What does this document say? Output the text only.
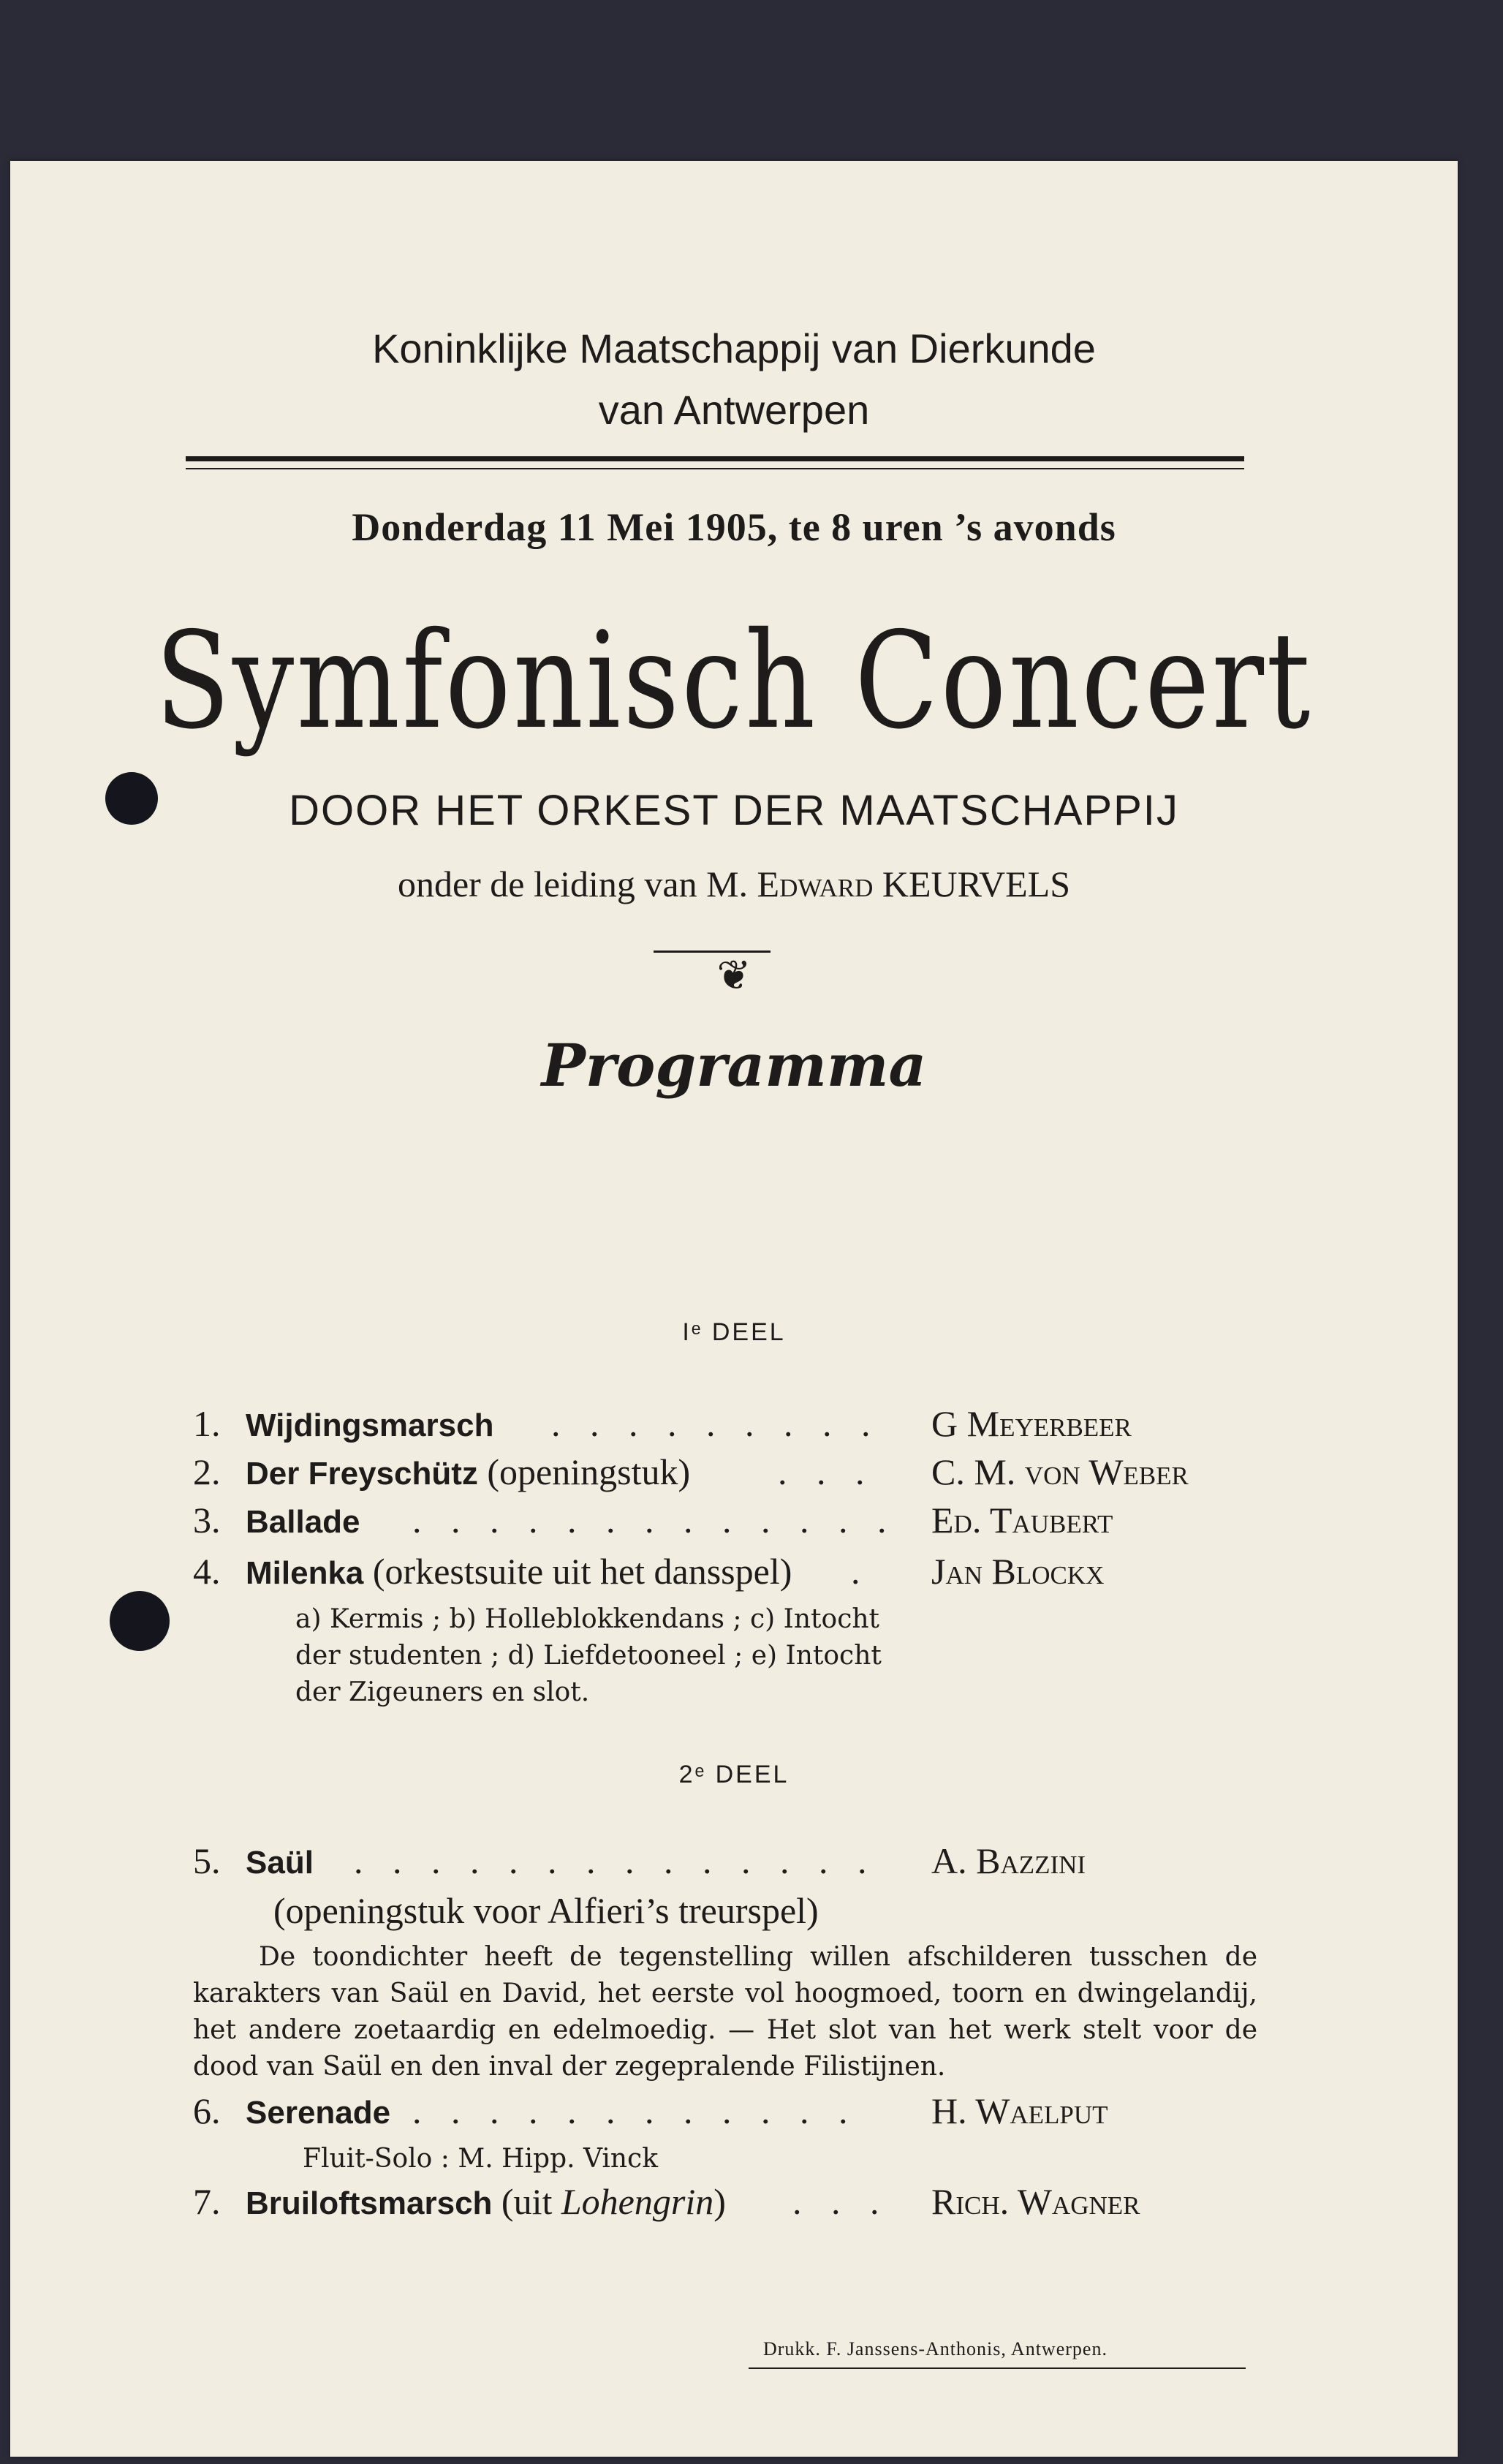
Koninklijke Maatschappij van Dierkunde
van Antwerpen
Donderdag 11 Mei 1905, te 8 uren ’s avonds
Symfonisch Concert
DOOR HET ORKEST DER MAATSCHAPPIJ
onder de leiding van M. Edward KEURVELS
❦
Programma
Iᵉ DEEL
1. Wijdingsmarsch . . . . . . . . . G Meyerbeer
2. Der Freyschütz (openingstuk) . . . C. M. von Weber
3. Ballade . . . . . . . . . . . . . Ed. Taubert
4. Milenka (orkestsuite uit het dansspel) . Jan Blockx
a) Kermis ; b) Holleblokkendans ; c) Intocht
der studenten ; d) Liefdetooneel ; e) Intocht
der Zigeuners en slot.
2ᵉ DEEL
5. Saül . . . . . . . . . . . . . . A. Bazzini
(openingstuk voor Alfieri’s treurspel)
De toondichter heeft de tegenstelling willen afschilderen tusschen de karakters van Saül en David, het eerste vol hoogmoed, toorn en dwingelandij, het andere zoetaardig en edelmoedig. — Het slot van het werk stelt voor de dood van Saül en den inval der zegepralende Filistijnen.
6. Serenade . . . . . . . . . . . . H. Waelput
Fluit-Solo : M. Hipp. Vinck
7. Bruiloftsmarsch (uit Lohengrin) . . . Rich. Wagner
Drukk. F. Janssens-Anthonis, Antwerpen.
